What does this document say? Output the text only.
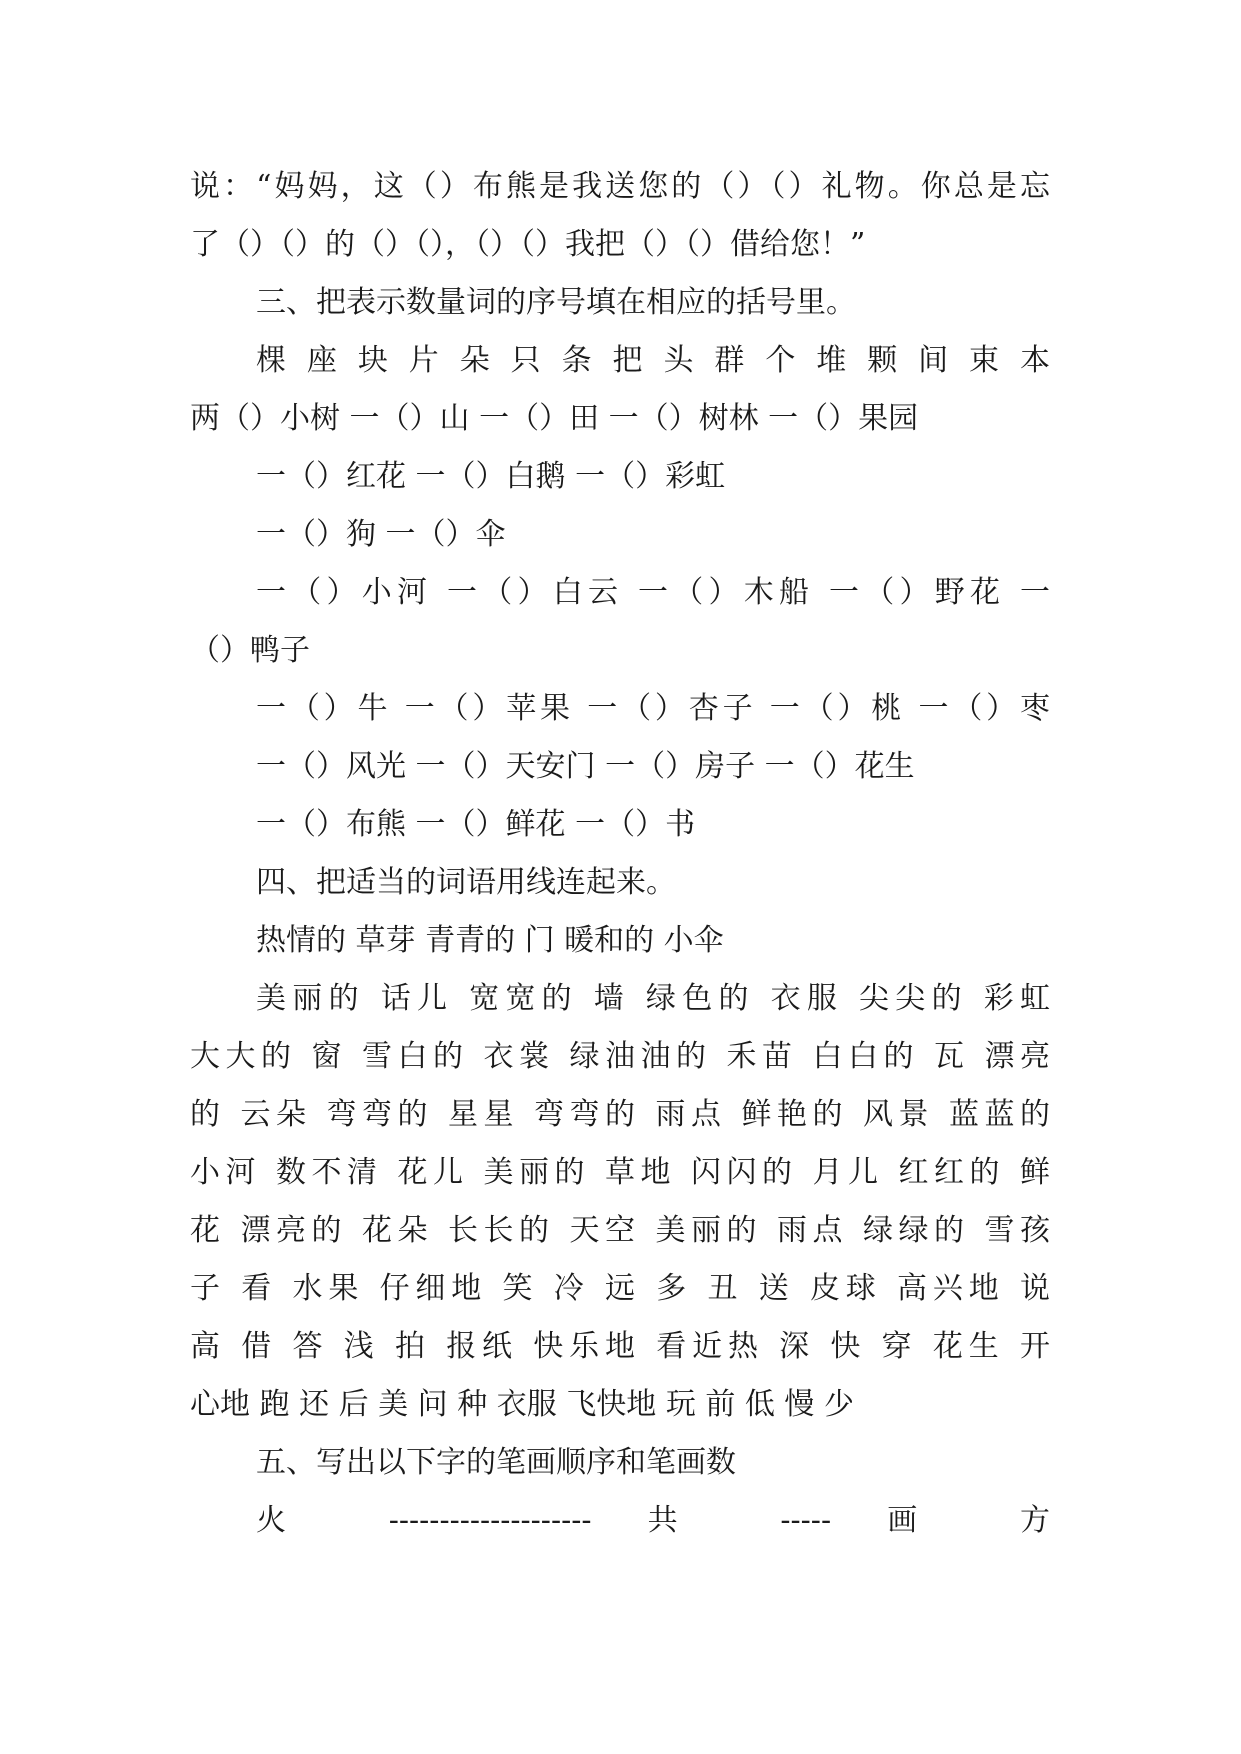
说：“妈妈，这（）布熊是我送您的（）（）礼物。你总是忘
了（）（）的（）（），（）（）我把（）（）借给您！”
三、把表示数量词的序号填在相应的括号里。
棵 座 块 片 朵 只 条 把 头 群 个 堆 颗 间 束 本
两（）小树 一（）山 一（）田 一（）树林 一（）果园
一（）红花 一（）白鹅 一（）彩虹
一（）狗 一（）伞
一（）小河 一（）白云 一（）木船 一（）野花 一
（）鸭子
一（）牛 一（）苹果 一（）杏子 一（）桃 一（）枣
一（）风光 一（）天安门 一（）房子 一（）花生
一（）布熊 一（）鲜花 一（）书
四、把适当的词语用线连起来。
热情的 草芽 青青的 门 暖和的 小伞
美丽的 话儿 宽宽的 墙 绿色的 衣服 尖尖的 彩虹
大大的 窗 雪白的 衣裳 绿油油的 禾苗 白白的 瓦 漂亮
的 云朵 弯弯的 星星 弯弯的 雨点 鲜艳的 风景 蓝蓝的
小河 数不清 花儿 美丽的 草地 闪闪的 月儿 红红的 鲜
花 漂亮的 花朵 长长的 天空 美丽的 雨点 绿绿的 雪孩
子 看 水果 仔细地 笑 冷 远 多 丑 送 皮球 高兴地 说
高 借 答 浅 拍 报纸 快乐地 看近热 深 快 穿 花生 开
心地 跑 还 后 美 问 种 衣服 飞快地 玩 前 低 慢 少
五、写出以下字的笔画顺序和笔画数
火 -------------------- 共 ----- 画 方
